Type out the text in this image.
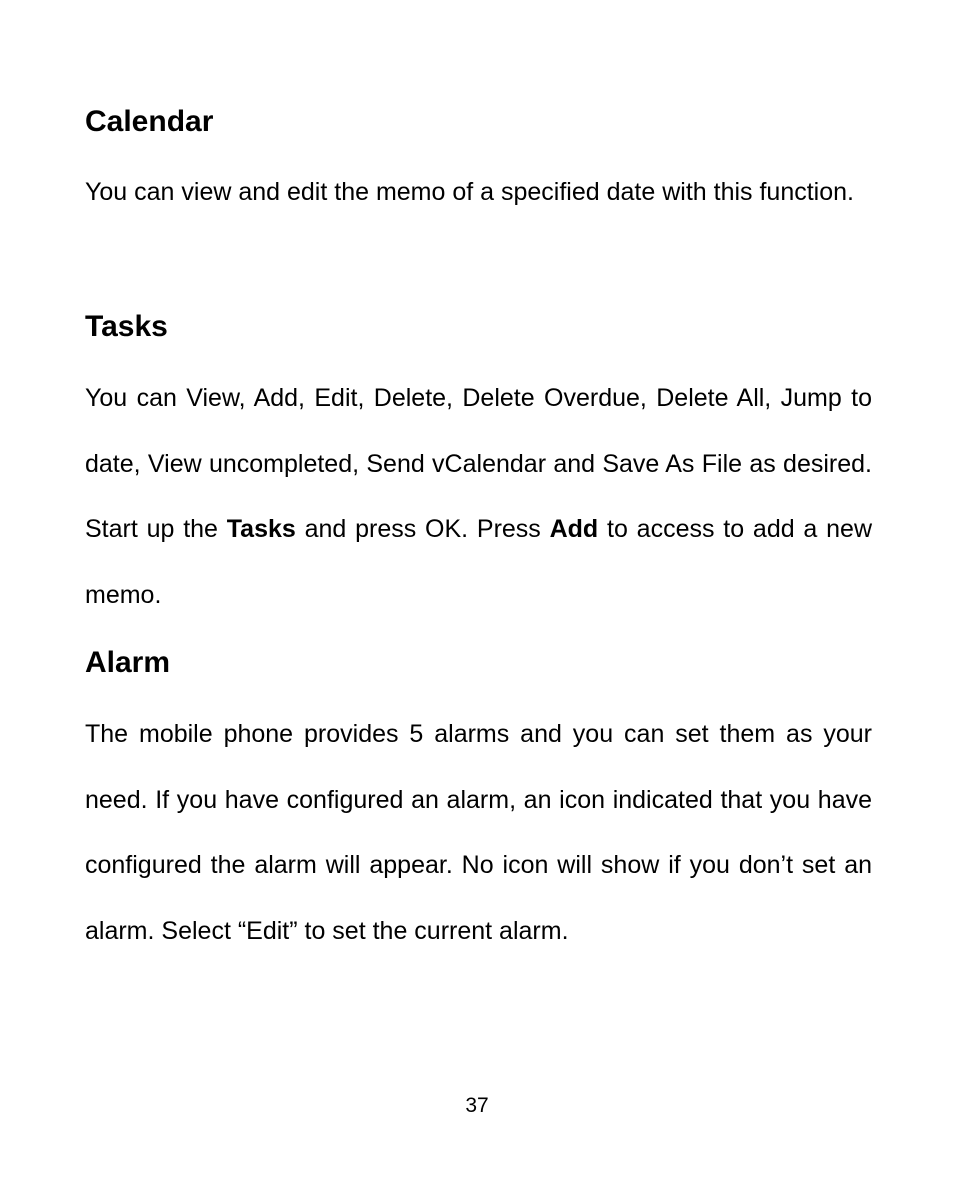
Calendar

You can view and edit the memo of a specified date with this function.

Tasks

You can View, Add, Edit, Delete, Delete Overdue, Delete All, Jump to date, View uncompleted, Send vCalendar and Save As File as desired. Start up the Tasks and press OK. Press Add to access to add a new memo.

Alarm

The mobile phone provides 5 alarms and you can set them as your need. If you have configured an alarm, an icon indicated that you have configured the alarm will appear. No icon will show if you don’t set an alarm. Select “Edit” to set the current alarm.

37
